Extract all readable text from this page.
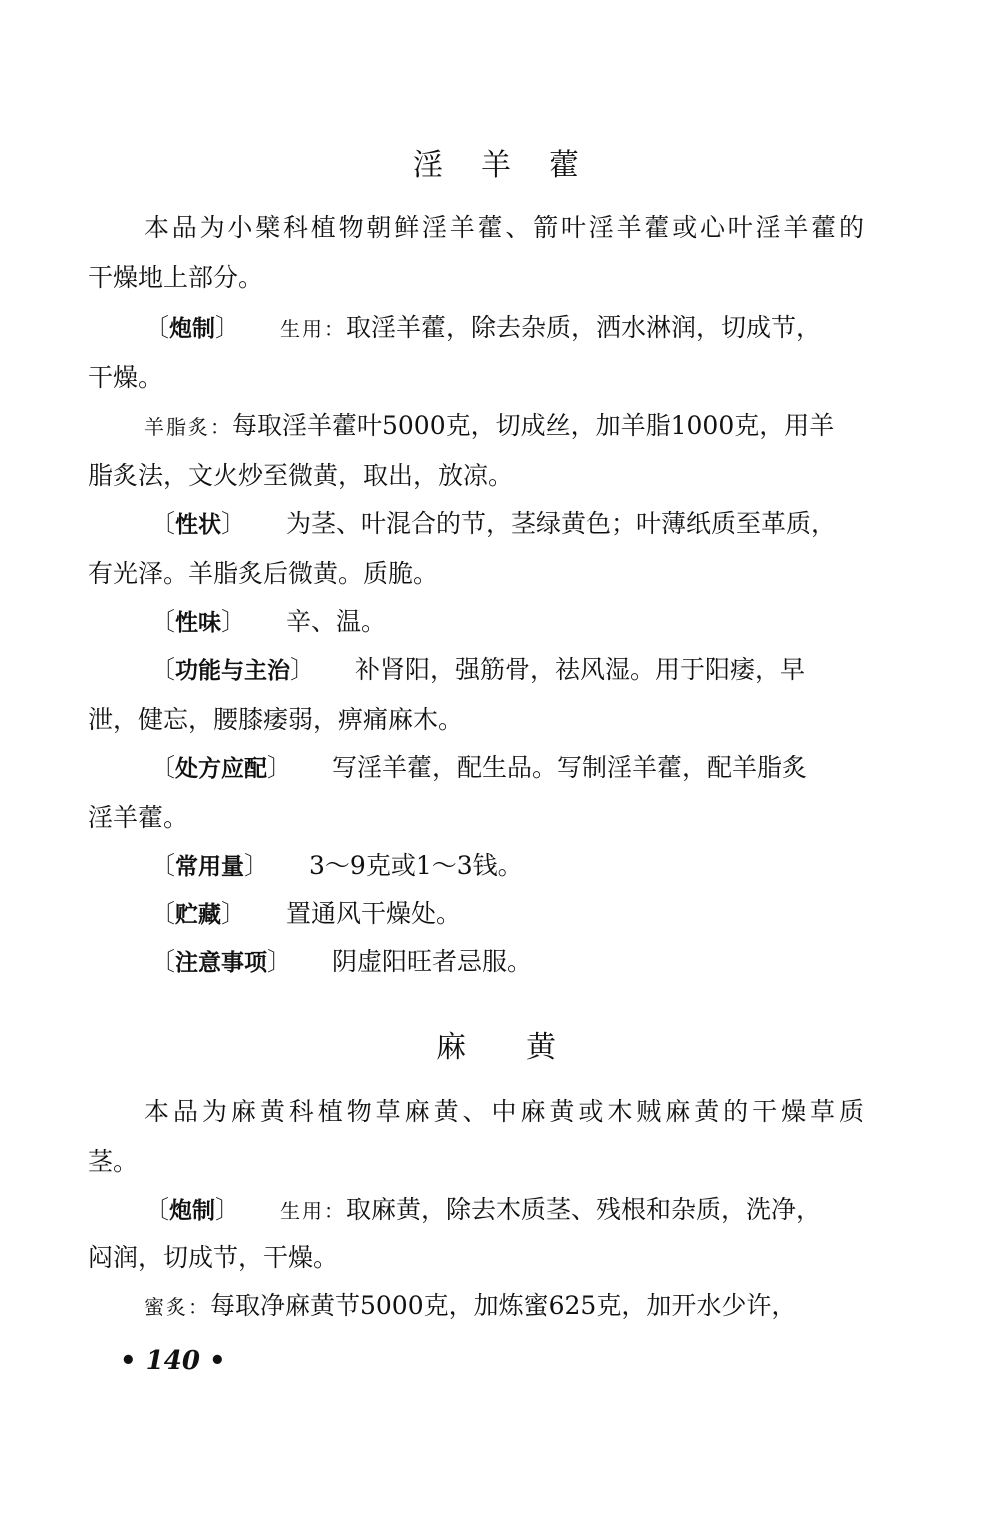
淫羊藿
本品为小檗科植物朝鲜淫羊藿、箭叶淫羊藿或心叶淫羊藿的
干燥地上部分。
〔炮制〕 生用：取淫羊藿，除去杂质，洒水淋润，切成节，
干燥。
羊脂炙：每取淫羊藿叶5000克，切成丝，加羊脂1000克，用羊
脂炙法，文火炒至微黄，取出，放凉。
〔性状〕 为茎、叶混合的节，茎绿黄色；叶薄纸质至革质，
有光泽。羊脂炙后微黄。质脆。
〔性味〕 辛、温。
〔功能与主治〕 补肾阳，强筋骨，祛风湿。用于阳痿，早
泄，健忘，腰膝痿弱，痹痛麻木。
〔处方应配〕 写淫羊藿，配生品。写制淫羊藿，配羊脂炙
淫羊藿。
〔常用量〕 3～9克或1～3钱。
〔贮藏〕 置通风干燥处。
〔注意事项〕 阴虚阳旺者忌服。
麻黄
本品为麻黄科植物草麻黄、中麻黄或木贼麻黄的干燥草质
茎。
〔炮制〕 生用：取麻黄，除去木质茎、残根和杂质，洗净，
闷润，切成节，干燥。
蜜炙：每取净麻黄节5000克，加炼蜜625克，加开水少许，
• 140 •
